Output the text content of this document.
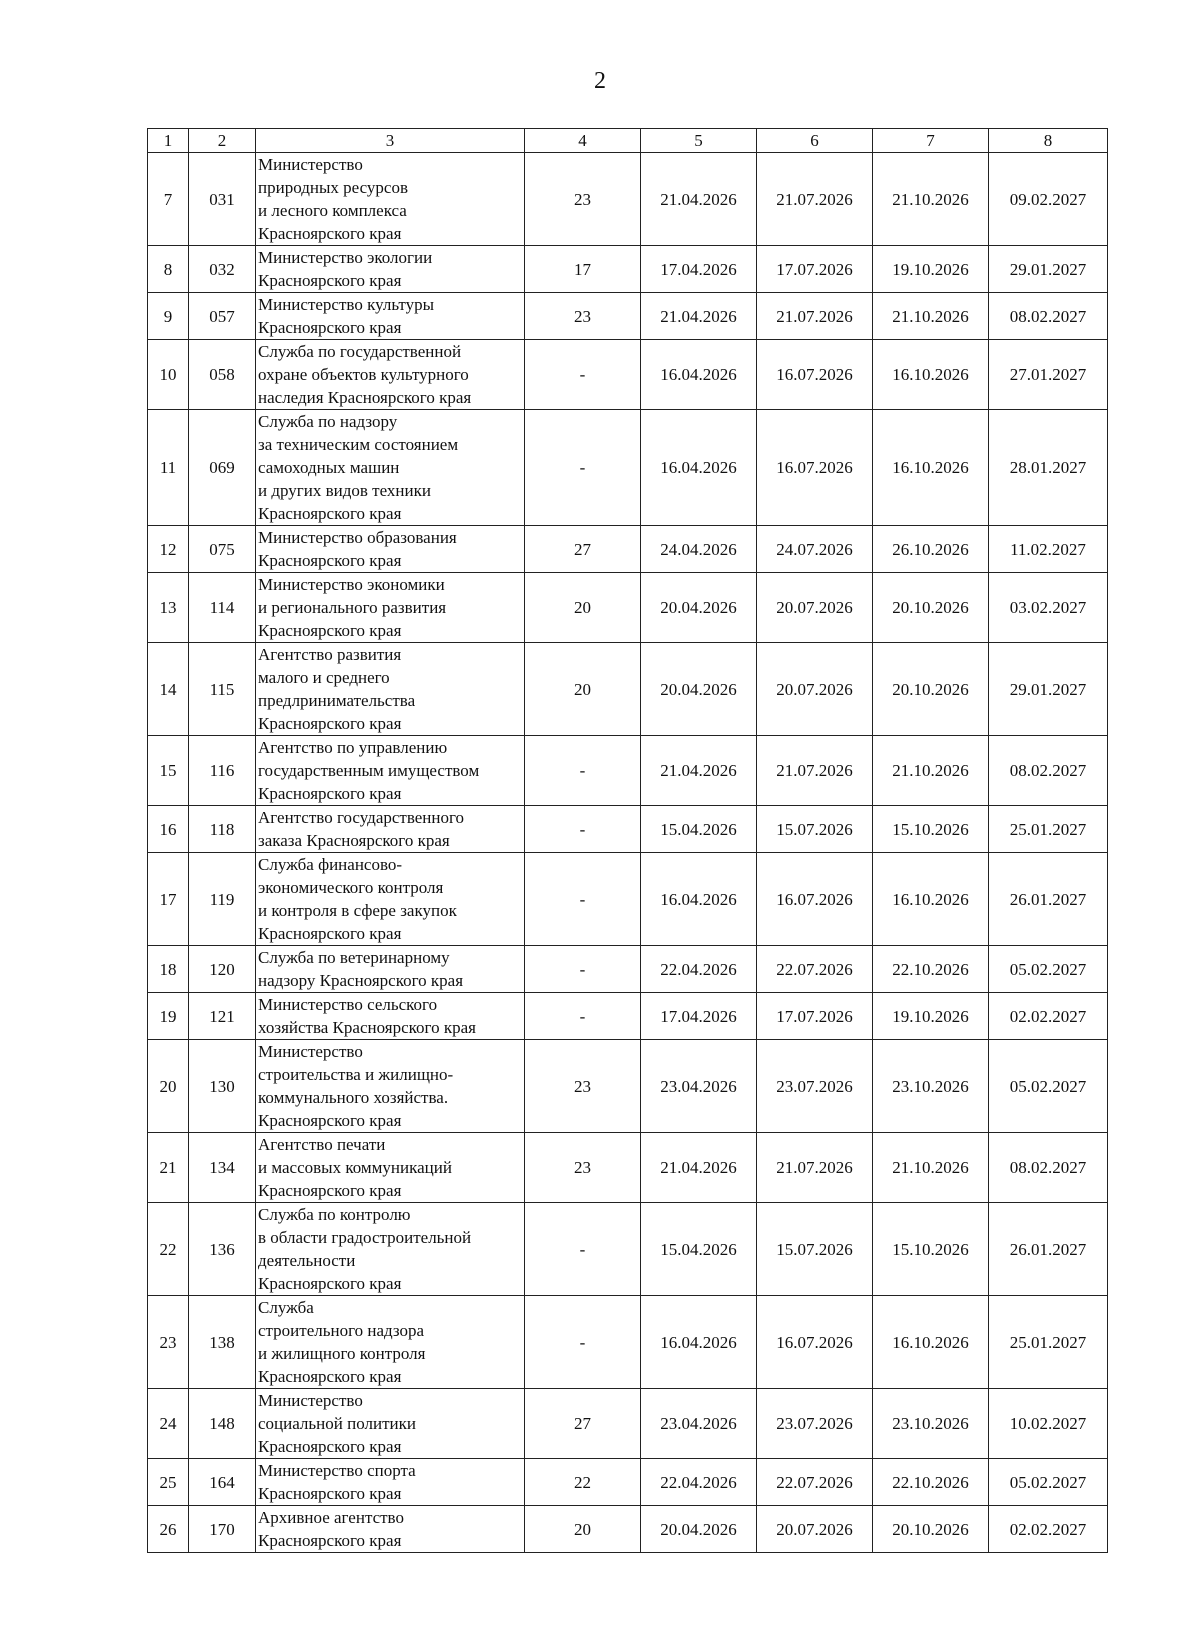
2
1	2	3	4	5	6	7	8
7	031	Министерство
природных ресурсов
и лесного комплекса
Красноярского края	23	21.04.2026	21.07.2026	21.10.2026	09.02.2027
8	032	Министерство экологии
Красноярского края	17	17.04.2026	17.07.2026	19.10.2026	29.01.2027
9	057	Министерство культуры
Красноярского края	23	21.04.2026	21.07.2026	21.10.2026	08.02.2027
10	058	Служба по государственной
охране объектов культурного
наследия Красноярского края	-	16.04.2026	16.07.2026	16.10.2026	27.01.2027
11	069	Служба по надзору
за техническим состоянием
самоходных машин
и других видов техники
Красноярского края	-	16.04.2026	16.07.2026	16.10.2026	28.01.2027
12	075	Министерство образования
Красноярского края	27	24.04.2026	24.07.2026	26.10.2026	11.02.2027
13	114	Министерство экономики
и регионального развития
Красноярского края	20	20.04.2026	20.07.2026	20.10.2026	03.02.2027
14	115	Агентство развития
малого и среднего
предлринимательства
Красноярского края	20	20.04.2026	20.07.2026	20.10.2026	29.01.2027
15	116	Агентство по управлению
государственным имуществом
Красноярского края	-	21.04.2026	21.07.2026	21.10.2026	08.02.2027
16	118	Агентство государственного
заказа Красноярского края	-	15.04.2026	15.07.2026	15.10.2026	25.01.2027
17	119	Служба финансово-
экономического контроля
и контроля в сфере закупок
Красноярского края	-	16.04.2026	16.07.2026	16.10.2026	26.01.2027
18	120	Служба по ветеринарному
надзору Красноярского края	-	22.04.2026	22.07.2026	22.10.2026	05.02.2027
19	121	Министерство сельского
хозяйства Красноярского края	-	17.04.2026	17.07.2026	19.10.2026	02.02.2027
20	130	Министерство
строительства и жилищно-
коммунального хозяйства.
Красноярского края	23	23.04.2026	23.07.2026	23.10.2026	05.02.2027
21	134	Агентство печати
и массовых коммуникаций
Красноярского края	23	21.04.2026	21.07.2026	21.10.2026	08.02.2027
22	136	Служба по контролю
в области градостроительной
деятельности
Красноярского края	-	15.04.2026	15.07.2026	15.10.2026	26.01.2027
23	138	Служба
строительного надзора
и жилищного контроля
Красноярского края	-	16.04.2026	16.07.2026	16.10.2026	25.01.2027
24	148	Министерство
социальной политики
Красноярского края	27	23.04.2026	23.07.2026	23.10.2026	10.02.2027
25	164	Министерство спорта
Красноярского края	22	22.04.2026	22.07.2026	22.10.2026	05.02.2027
26	170	Архивное агентство
Красноярского края	20	20.04.2026	20.07.2026	20.10.2026	02.02.2027
